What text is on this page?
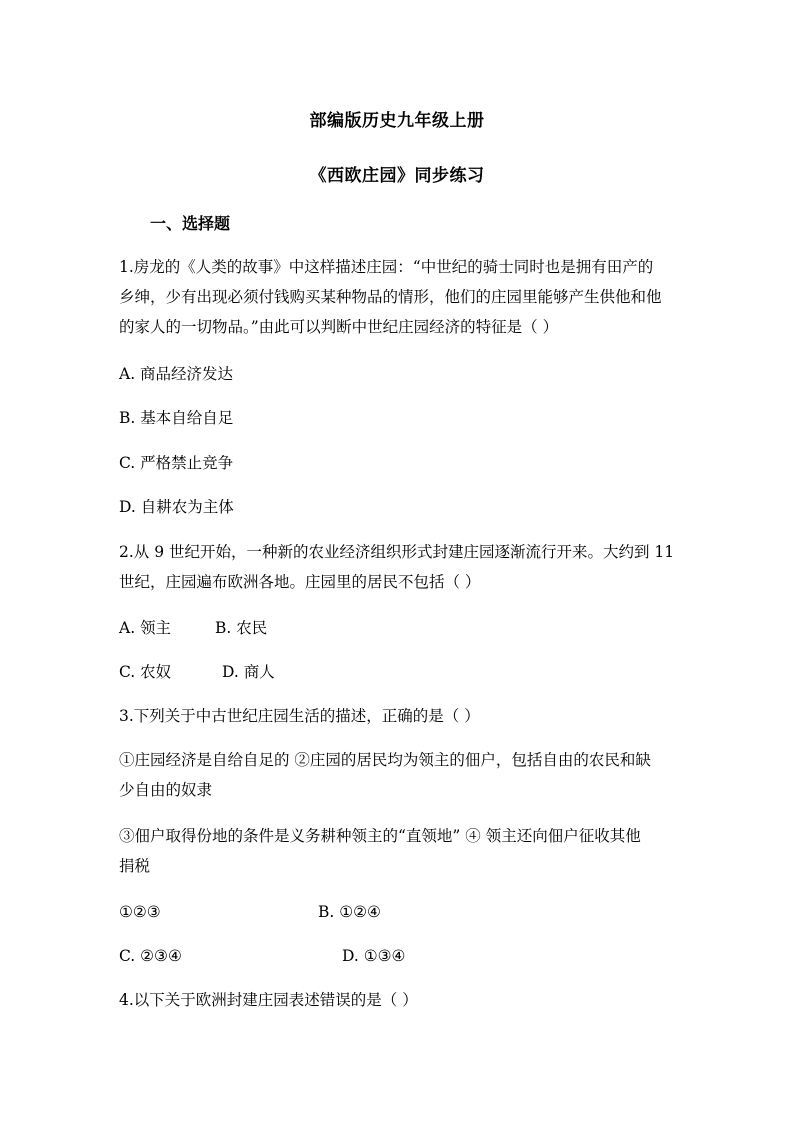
部编版历史九年级上册
《西欧庄园》同步练习
一、选择题
1.房龙的《人类的故事》中这样描述庄园：“中世纪的骑士同时也是拥有田产的
乡绅，少有出现必须付钱购买某种物品的情形，他们的庄园里能够产生供他和他
的家人的一切物品。”由此可以判断中世纪庄园经济的特征是（ ）
A. 商品经济发达
B. 基本自给自足
C. 严格禁止竞争
D. 自耕农为主体
2.从 9 世纪开始，一种新的农业经济组织形式封建庄园逐渐流行开来。大约到 11
世纪，庄园遍布欧洲各地。庄园里的居民不包括（ ）
A. 领主	B. 农民
C. 农奴	D. 商人
3.下列关于中古世纪庄园生活的描述，正确的是（ ）
①庄园经济是自给自足的 ②庄园的居民均为领主的佃户，包括自由的农民和缺
少自由的奴隶
③佃户取得份地的条件是义务耕种领主的“直领地” ④ 领主还向佃户征收其他
捐税
①②③	B. ①②④
C. ②③④	D. ①③④
4.以下关于欧洲封建庄园表述错误的是（ ）
